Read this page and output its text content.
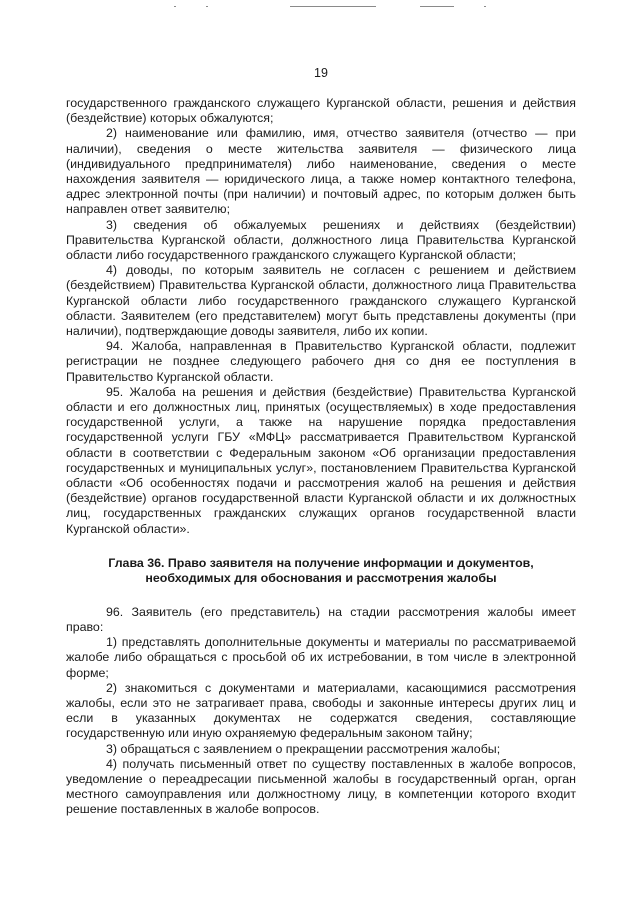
19

государственного гражданского служащего Курганской области, решения и действия (бездействие) которых обжалуются;

2) наименование или фамилию, имя, отчество заявителя (отчество — при наличии), сведения о месте жительства заявителя — физического лица (индивидуального предпринимателя) либо наименование, сведения о месте нахождения заявителя — юридического лица, а также номер контактного телефона, адрес электронной почты (при наличии) и почтовый адрес, по которым должен быть направлен ответ заявителю;

3) сведения об обжалуемых решениях и действиях (бездействии) Правительства Курганской области, должностного лица Правительства Курганской области либо государственного гражданского служащего Курганской области;

4) доводы, по которым заявитель не согласен с решением и действием (бездействием) Правительства Курганской области, должностного лица Правительства Курганской области либо государственного гражданского служащего Курганской области. Заявителем (его представителем) могут быть представлены документы (при наличии), подтверждающие доводы заявителя, либо их копии.

94. Жалоба, направленная в Правительство Курганской области, подлежит регистрации не позднее следующего рабочего дня со дня ее поступления в Правительство Курганской области.

95. Жалоба на решения и действия (бездействие) Правительства Курганской области и его должностных лиц, принятых (осуществляемых) в ходе предоставления государственной услуги, а также на нарушение порядка предоставления государственной услуги ГБУ «МФЦ» рассматривается Правительством Курганской области в соответствии с Федеральным законом «Об организации предоставления государственных и муниципальных услуг», постановлением Правительства Курганской области «Об особенностях подачи и рассмотрения жалоб на решения и действия (бездействие) органов государственной власти Курганской области и их должностных лиц, государственных гражданских служащих органов государственной власти Курганской области».

Глава 36. Право заявителя на получение информации и документов,
необходимых для обоснования и рассмотрения жалобы

96. Заявитель (его представитель) на стадии рассмотрения жалобы имеет право:

1) представлять дополнительные документы и материалы по рассматриваемой жалобе либо обращаться с просьбой об их истребовании, в том числе в электронной форме;

2) знакомиться с документами и материалами, касающимися рассмотрения жалобы, если это не затрагивает права, свободы и законные интересы других лиц и если в указанных документах не содержатся сведения, составляющие государственную или иную охраняемую федеральным законом тайну;

3) обращаться с заявлением о прекращении рассмотрения жалобы;

4) получать письменный ответ по существу поставленных в жалобе вопросов, уведомление о переадресации письменной жалобы в государственный орган, орган местного самоуправления или должностному лицу, в компетенции которого входит решение поставленных в жалобе вопросов.
